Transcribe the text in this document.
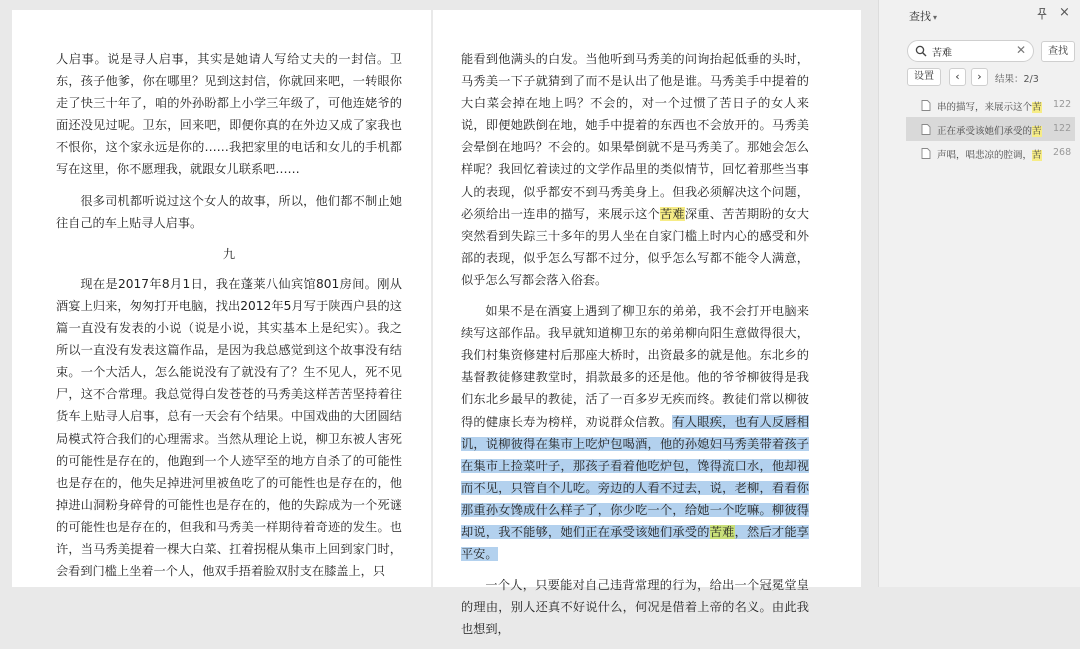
人启事。说是寻人启事，其实是她请人写给丈夫的一封信。卫东，孩子他爹，你在哪里？见到这封信，你就回来吧，一转眼你走了快三十年了，咱的外孙盼都上小学三年级了，可他连姥爷的面还没见过呢。卫东，回来吧，即便你真的在外边又成了家我也不恨你，这个家永远是你的……我把家里的电话和女儿的手机都写在这里，你不愿理我，就跟女儿联系吧……

很多司机都听说过这个女人的故事，所以，他们都不制止她往自己的车上贴寻人启事。

九

现在是2017年8月1日，我在蓬莱八仙宾馆801房间。刚从酒宴上归来，匆匆打开电脑，找出2012年5月写于陕西户县的这篇一直没有发表的小说（说是小说，其实基本上是纪实）。我之所以一直没有发表这篇作品，是因为我总感觉到这个故事没有结束。一个大活人，怎么能说没有了就没有了？生不见人，死不见尸，这不合常理。我总觉得白发苍苍的马秀美这样苦苦坚持着往货车上贴寻人启事，总有一天会有个结果。中国戏曲的大团圆结局模式符合我们的心理需求。当然从理论上说，柳卫东被人害死的可能性是存在的，他跑到一个人迹罕至的地方自杀了的可能性也是存在的，他失足掉进河里被鱼吃了的可能性也是存在的，他掉进山洞粉身碎骨的可能性也是存在的，他的失踪成为一个死谜的可能性也是存在的，但我和马秀美一样期待着奇迹的发生。也许，当马秀美提着一棵大白菜、扛着拐棍从集市上回到家门时，会看到门槛上坐着一个人，他双手捂着脸双肘支在膝盖上，只

能看到他满头的白发。当他听到马秀美的问询抬起低垂的头时，马秀美一下子就猜到了而不是认出了他是谁。马秀美手中提着的大白菜会掉在地上吗？不会的，对一个过惯了苦日子的女人来说，即便她跌倒在地，她手中提着的东西也不会放开的。马秀美会晕倒在地吗？不会的。如果晕倒就不是马秀美了。那她会怎么样呢？我回忆着读过的文学作品里的类似情节，回忆着那些当事人的表现，似乎都安不到马秀美身上。但我必须解决这个问题，必须给出一连串的描写，来展示这个苦难深重、苦苦期盼的女大突然看到失踪三十多年的男人坐在自家门槛上时内心的感受和外部的表现，似乎怎么写都不过分，似乎怎么写都不能令人满意，似乎怎么写都会落入俗套。

如果不是在酒宴上遇到了柳卫东的弟弟，我不会打开电脑来续写这部作品。我早就知道柳卫东的弟弟柳向阳生意做得很大，我们村集资修建村后那座大桥时，出资最多的就是他。东北乡的基督教徒修建教堂时，捐款最多的还是他。他的爷爷柳彼得是我们东北乡最早的教徒，活了一百多岁无疾而终。教徒们常以柳彼得的健康长寿为榜样，劝说群众信教。有人眼疾，也有人反唇相讥，说柳彼得在集市上吃炉包喝酒，他的孙媳妇马秀美带着孩子在集市上捡菜叶子，那孩子看着他吃炉包，馋得流口水，他却视而不见，只管自个儿吃。旁边的人看不过去，说，老柳，看看你那重孙女馋成什么样子了，你少吃一个，给她一个吃嘛。柳彼得却说，我不能够，她们正在承受该她们承受的苦难，然后才能享平安。

一个人，只要能对自己违背常理的行为，给出一个冠冕堂皇的理由，别人还真不好说什么，何况是借着上帝的名义。由此我也想到，

查找 ▾	×
苦难
✕	查找
设置	‹	›	结果：2/3
串的描写，来展示这个苦	122
正在承受该她们承受的苦	122
声唱，唱悲凉的腔调，苦	268
